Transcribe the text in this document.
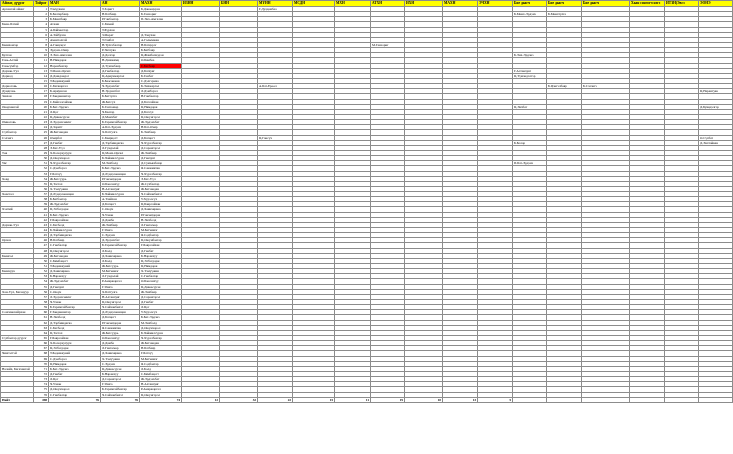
Аймаг, дүүрэг	Тойрог	МАН	АН	МАХН	ИЗНН	БНН	МҮНН	МСДН	МХН	АТХН	ИХН	МАХН	ЭЧХН	Бие даагч	Бие даагч	Бие даагч	Хаан сонгогч нэгэ	ИТЗН(Эвсэ	ЭОНЭ
Архангай аймаг	1	Тэмүүжин	Т.Зоригт	Б.Даваацэрэн			Г.Дулдамбаа												
	2	Б.Баатарбаяр	Н.Батбаяр	Б.Ганзориг										Б.Мөнх-Эрдэнэ	Б.Мөнхтулга				
	3	Б.Мөнхбаяр	Р.Ганбаатар	П.Энх-Амгалан															
Баян-Өлгий	4	Атааш	С.Бамай																
	5	А.Баймөхтар	Т.Бүрхан																
	6	А.Зэйбулла	З.Мөрат	Д.Тлеухан															
	7	Амантолгой	Т.Ганбат	А.Галымжан															
Баянхонгор	8	А.Ганцэцэг	Н.Тулгабаатар	Н.Батцэрэг						М.Ганзориг									
	9	Эрдэнэ-Очир	Р.Энхтуяа	Б.Батбаяр															
Булган	10	Э.Энх-Амгалан	Д.Долгор	Ц.Жамбалцэрэн										Б.Энх-Эрдэнэ					
Говь-Алтай	11	Н.Нямдорж	Н.Дашжамц	О.Бямбаа															
Говьсүмбэр	12	Наранбаатар	Д.Түмэнбаяр	С.Батбаяр															
Дархан-Уул	13	Т.Мөнх-Оргил	Д.Ганбаатар	Д.Батхуяг										Г.Алтанхуяг					
Дорнод	14	Д.Дашдондог	Ц.Ариунжаргал	Б.Ганбат										Ц.Түмэндэлгэр					
	15	Т.Бадамжунай	Б.Баасанжав	С.Дэлгэрмаа															
Дорноговь	16	С.Батжаргал	Ч.Эрдэнэбат	Б.Энхжаргал			А.Бат-Ерөөл								Б.Цэнгэлбаяр	Б.Сэлэнгэ			
Дундговь	17	Б.Ариунсан	Н.Эрдэнэбат	Л.Дэмбэрэл															Ц.Нарантуяа
Завхан	18	Г.Занданшатар	Б.Баттулга	Н.Ганбаатар															
	19	С.Байгалсайхан	Ж.Батсүх	Д.Батсайхан															
Өвөрхангай	20	Б.Бат-Эрдэнэ	Б.Гантөмөр	Ц.Нямдорж										Ц.Энхбат					Д.Буяндэлгэр
	21	Л.Цог	Ч.Баатар	Д.Батсүх															
	22	Ц.Даваасүрэн	Д.Мөнхбат	Ц.Оюунгэрэл															
Өмнөговь	23	Л.Эрдэнэчимэг	Б.Гарамгайбаатар	Ж.Эрдэнэбат															
	24	Д.Зоригт	А.Бат-Эрдэнэ	Н.Бат-Очир															
Сүхбаатар	25	Ж.Батзандан	Х.Баттулга	Б.Энхбаяр															
Сэлэнгэ	26	Очирбат	С.Баярцогт	Д.Батцогт			Ц.Гансүх												О.Сүхбат
	27	Д.Ганбат	Д.Тэрбишдагва	Ч.Хүрэлбаатар										Б.Болор					Д.Энхтайван
	28	Э.Бат-Үүл	Л.Гүндалай	Д.Сарангэрэл															
Төв	29	Х.Болорчулуун	Ц.Мөнх-Оргил	Ж.Энхбаяр															
	30	Д.Оюунхорол	Б.Чойжилсүрэн	Д.Ганхуяг															
Увс	31	Ч.Хүрэлбаатар	М.Энхболд	Д.Сумъяабазар										П.Бат-Эрдэнэ					
	32	С.Дэмбэрэл	Б.Бат-Эрдэнэ	Я.Санжмятав															
	33	Г.Батхүү	Д.Лүндээжанцан	Ч.Хүрэлбаатар															
Ховд	34	Ж.Батсуурь	Р.Гончигдорж	Э.Бат-Үүл															
	35	Ц.Тогтох	О.Баасанхүү	Ж.Сүхбаатар															
	36	Х.Тэмүүжин	Н.Алтанхуяг	Ж.Батзандан															
Хөвсгөл	37	Д.Лүндээжанцан	Б.Чойжилсүрэн	Ч.Сайханбилэг															
	38	Б.Батбаатар	А.Тлейхан	У.Хүрэлсүх															
	39	Ж.Эрдэнэбат	Д.Батцогт	Ц.Баярсайхан															
Хэнтий	40	Ц.Элбэгдорж	С.Оюун	Д.Хаянхярваа															
	41	Б.Бат-Эрдэнэ	Ч.Улаан	Р.Гончигдорж															
	42	Г.Баярсайхан	Д.Дамба	Н.Энхболд															
Дархан-Уул	43	С.Батболд	Ж.Энхбаяр	Л.Гантөмөр															
	44	Б.Чойжилсүрэн	Г.Уянга	М.Батчимэг															
	45	Д.Тэрбишдагва	С.Эрдэнэ	Я.Содбаатар															
Орхон	46	Н.Батбаяр	Д.Эрдэнэбат	Ц.Оюунбаатар															
	47	С.Ганбаатар	Б.Гарамгайбаатар	Г.Баярсайхан															
	48	Ц.Оюунгэрэл	Л.Болд	Д.Ганбат															
Баянгол	49	Ж.Батзандан	Д.Хаянхярваа	Б.Наранхүү															
	50	С.Бямбацогт	Л.Болд	Ц.Элбэгдорж															
	51	Т.Бадамжунай	Ж.Батсуурь	Ц.Нямдорж															
Баянзүрх	52	Д.Хаянхярваа	М.Батчимэг	Х.Тэмүүжин															
	53	Б.Наранхүү	Л.Гүндалай	С.Ганбаатар															
	54	Ж.Эрдэнэбат	Р.Амаржаргал	О.Баасанхүү															
	55	Д.Ганхуяг	Г.Уянга	Ц.Даваасүрэн															
Хан-Уул, Багануур	56	С.Оюун	Х.Баттулга	Ж.Энхбаяр															
	57	Л.Эрдэнэчимэг	Н.Алтанхуяг	Д.Сарангэрэл															
	58	Ч.Улаан	Ц.Оюунгэрэл	Д.Ганбат															
	59	Б.Гарамгайбаатар	Ч.Сайханбилэг	Л.Цог															
Сонгинохайрхан	60	Г.Занданшатар	Д.Лүндээжанцан	У.Хүрэлсүх															
	61	Н.Энхболд	Д.Батцогт	Б.Бат-Эрдэнэ															
	62	Д.Тэрбишдагва	Р.Гончигдорж	М.Энхболд															
	63	С.Батболд	Я.Санжмятав	Д.Оюунхорол															
	64	Ц.Тогтох	Ж.Батсуурь	Б.Чойжилсүрэн															
Сүхбаатар дүүрэг	65	Г.Баярсайхан	О.Баасанхүү	Ч.Хүрэлбаатар															
	66	Х.Болорчулуун	Д.Дамба	Ж.Батзандан															
	67	Ц.Элбэгдорж	Л.Гантөмөр	Н.Батбаяр															
Чингэлтэй	68	Т.Бадамжунай	Д.Хаянхярваа	Г.Батхүү															
	69	С.Дэмбэрэл	Х.Тэмүүжин	М.Батчимэг															
	70	Ц.Нямдорж	С.Эрдэнэ	Я.Содбаатар															
Налайх, Багахангай	71	Б.Бат-Эрдэнэ	Ц.Даваасүрэн	Л.Болд															
	72	Д.Ганбат	Б.Наранхүү	С.Бямбацогт															
	73	Л.Цог	Д.Сарангэрэл	Ж.Эрдэнэбат															
	74	Ч.Улаан	Г.Уянга	Н.Алтанхуяг															
	75	Д.Оюунхорол	Б.Гарамгайбаатар	Р.Амаржаргал															
	76	С.Ганбаатар	Ч.Сайханбилэг	Ц.Оюунгэрэл															
Нийт	498	76	76	74	12	32	22	15	11	19	10	13	5						
